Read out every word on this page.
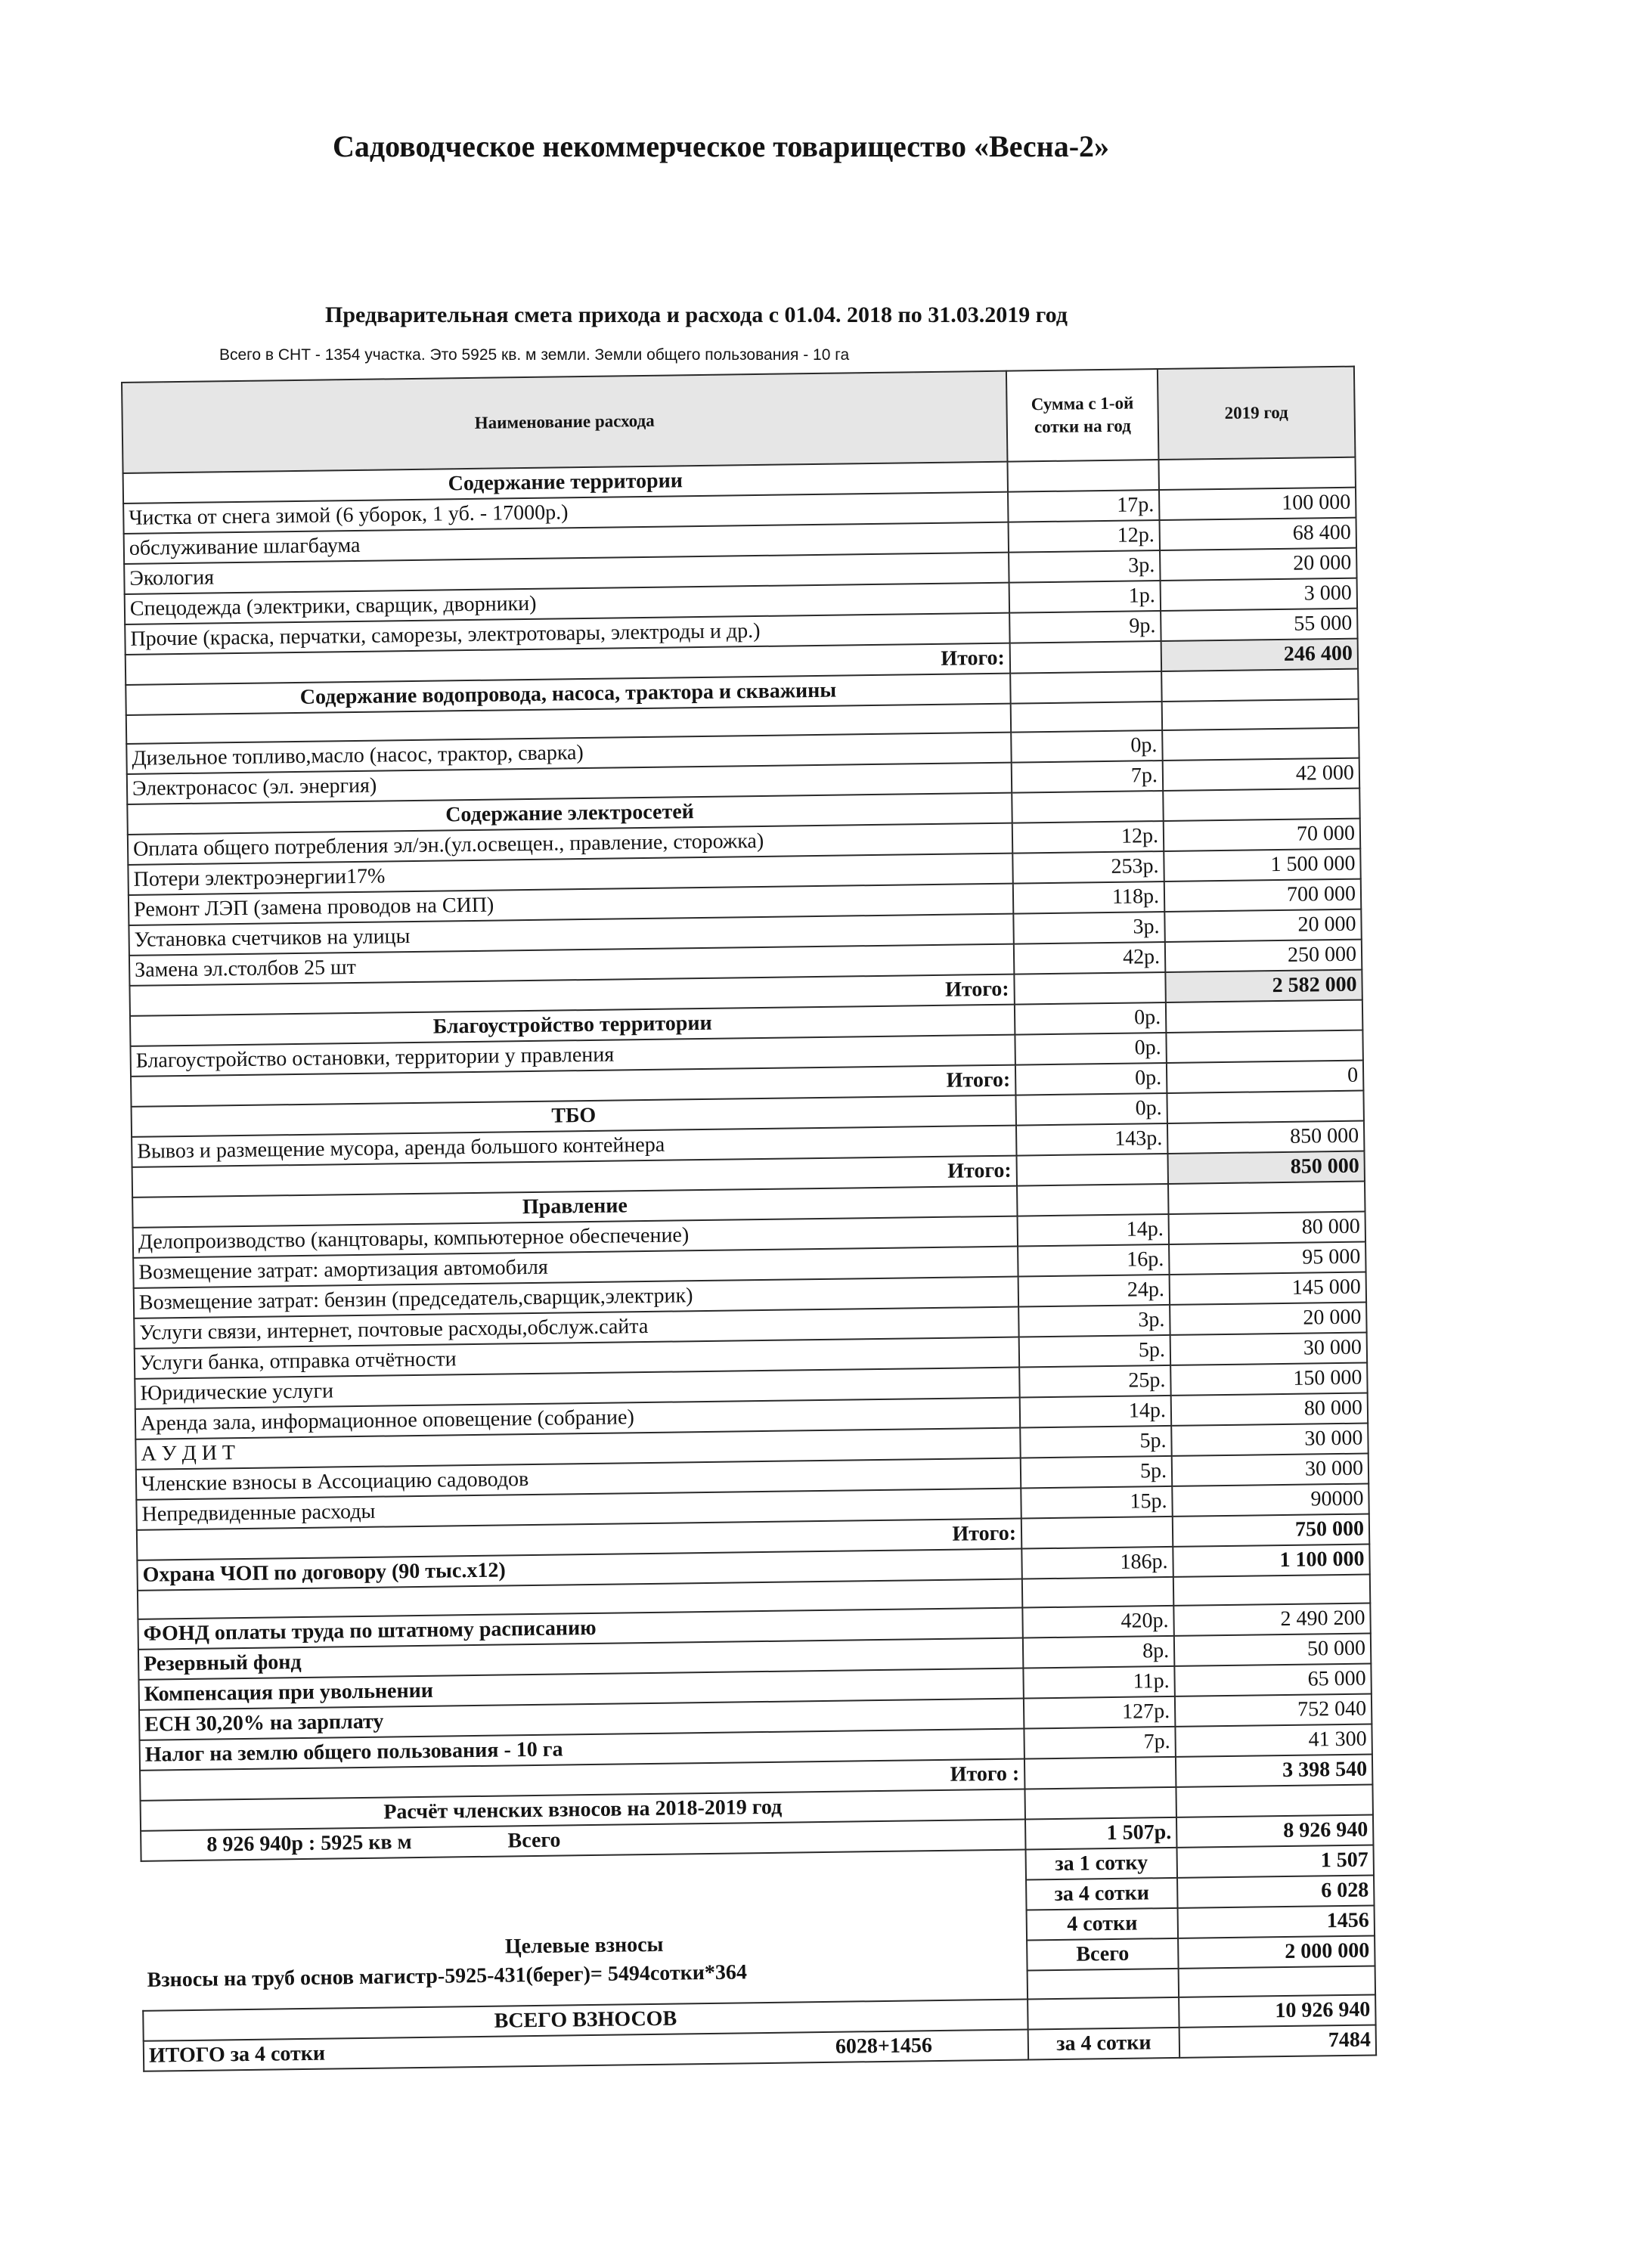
Садоводческое некоммерческое товарищество «Весна-2»
Предварительная смета прихода и расхода с 01.04. 2018 по 31.03.2019 год
Всего в СНТ - 1354 участка. Это 5925 кв. м земли. Земли общего пользования - 10 га
Наименование расхода	Сумма с 1-ой сотки на год	2019 год
Содержание территории		
Чистка от снега зимой (6 уборок, 1 уб. - 17000р.)	17р.	100 000
обслуживание шлагбаума	12р.	68 400
Экология	3р.	20 000
Спецодежда (электрики, сварщик, дворники)	1р.	3 000
Прочие (краска, перчатки, саморезы, электротовары, электроды и др.)	9р.	55 000
Итого:		246 400
Содержание водопровода, насоса, трактора и скважины		

Дизельное топливо,масло (насос, трактор, сварка)	0р.	
Электронасос (эл. энергия)	7р.	42 000
Содержание электросетей		
Оплата общего потребления эл/эн.(ул.освещен., правление, сторожка)	12р.	70 000
Потери электроэнергии17%	253р.	1 500 000
Ремонт ЛЭП (замена проводов на СИП)	118р.	700 000
Установка счетчиков на улицы	3р.	20 000
Замена эл.столбов 25 шт	42р.	250 000
Итого:		2 582 000
Благоустройство территории	0р.	
Благоустройство остановки, территории у правления	0р.	
Итого:	0р.	0
ТБО	0р.	
Вывоз и размещение мусора, аренда большого контейнера	143р.	850 000
Итого:		850 000
Правление		
Делопроизводство (канцтовары, компьютерное обеспечение)	14р.	80 000
Возмещение затрат: амортизация автомобиля	16р.	95 000
Возмещение затрат: бензин (председатель,сварщик,электрик)	24р.	145 000
Услуги связи, интернет, почтовые расходы,обслуж.сайта	3р.	20 000
Услуги банка, отправка отчётности	5р.	30 000
Юридические услуги	25р.	150 000
Аренда зала, информационное оповещение (собрание)	14р.	80 000
А У Д И Т	5р.	30 000
Членские взносы в Ассоциацию садоводов	5р.	30 000
Непредвиденные расходы	15р.	90000
Итого:		750 000
Охрана ЧОП по договору (90 тыс.х12)	186р.	1 100 000

ФОНД оплаты труда по штатному расписанию	420р.	2 490 200
Резервный фонд	8р.	50 000
Компенсация при увольнении	11р.	65 000
ЕСН 30,20% на зарплату	127р.	752 040
Налог на землю общего пользования - 10 га	7р.	41 300
Итого :		3 398 540
Расчёт членских взносов на 2018-2019 год		
8 926 940р : 5925 кв м Всего	1 507р.	8 926 940
	за 1 сотку	1 507
	за 4 сотки	6 028

Целевые взносы
Взносы на труб основ магистр-5925-431(берег)= 5494сотки*364	4 сотки	1456
	Всего	2 000 000

ВСЕГО ВЗНОСОВ		10 926 940

ИТОГО за 4 сотки 6028+1456	за 4 сотки	7484
